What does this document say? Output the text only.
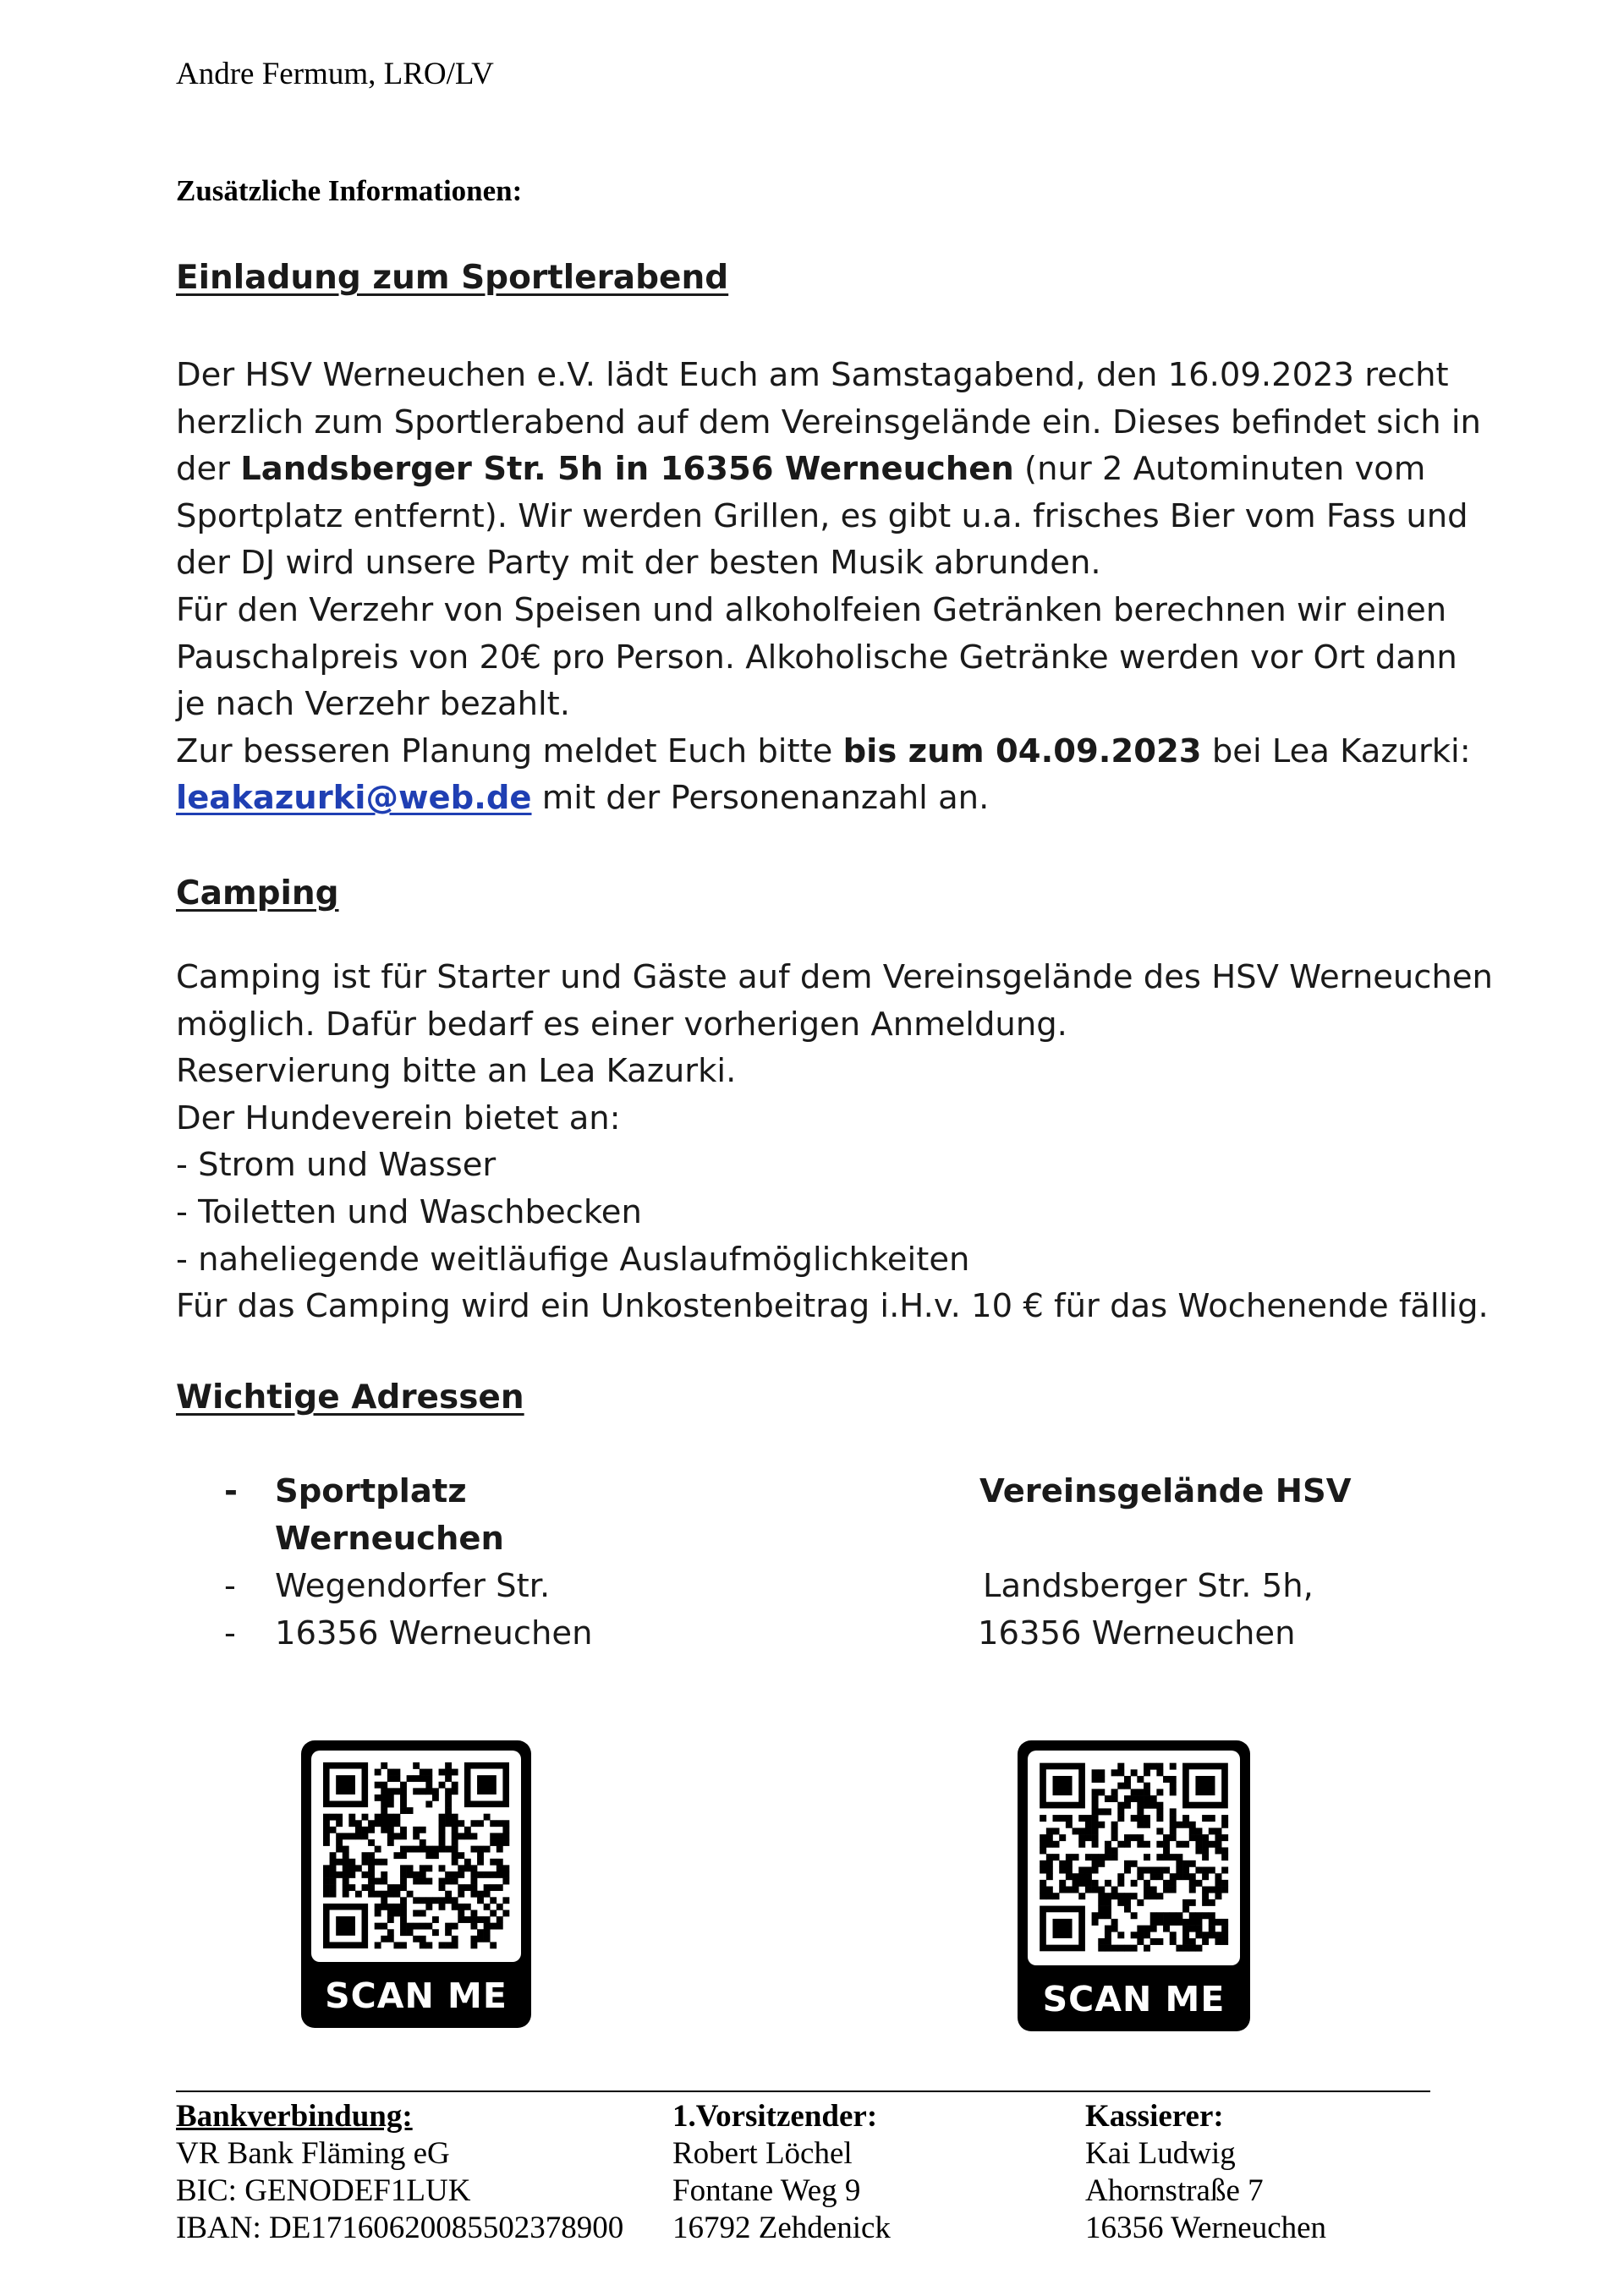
Andre Fermum, LRO/LV
Zusätzliche Informationen:
Einladung zum Sportlerabend
Der HSV Werneuchen e.V. lädt Euch am Samstagabend, den 16.09.2023 recht
herzlich zum Sportlerabend auf dem Vereinsgelände ein. Dieses befindet sich in
der Landsberger Str. 5h in 16356 Werneuchen (nur 2 Autominuten vom
Sportplatz entfernt). Wir werden Grillen, es gibt u.a. frisches Bier vom Fass und
der DJ wird unsere Party mit der besten Musik abrunden.
Für den Verzehr von Speisen und alkoholfeien Getränken berechnen wir einen
Pauschalpreis von 20€ pro Person. Alkoholische Getränke werden vor Ort dann
je nach Verzehr bezahlt.
Zur besseren Planung meldet Euch bitte bis zum 04.09.2023 bei Lea Kazurki:
leakazurki@web.de mit der Personenanzahl an.
Camping
Camping ist für Starter und Gäste auf dem Vereinsgelände des HSV Werneuchen
möglich. Dafür bedarf es einer vorherigen Anmeldung.
Reservierung bitte an Lea Kazurki.
Der Hundeverein bietet an:
- Strom und Wasser
- Toiletten und Waschbecken
- naheliegende weitläufige Auslaufmöglichkeiten
Für das Camping wird ein Unkostenbeitrag i.H.v. 10 € für das Wochenende fällig.
Wichtige Adressen
- Sportplatz
Werneuchen
- Wegendorfer Str.
- 16356 Werneuchen
Vereinsgelände HSV
Landsberger Str. 5h,
16356 Werneuchen
SCAN ME	SCAN ME
Bankverbindung:
VR Bank Fläming eG
BIC: GENODEF1LUK
IBAN: DE17160620085502378900
1.Vorsitzender:
Robert Löchel
Fontane Weg 9
16792 Zehdenick
Kassierer:
Kai Ludwig
Ahornstraße 7
16356 Werneuchen
